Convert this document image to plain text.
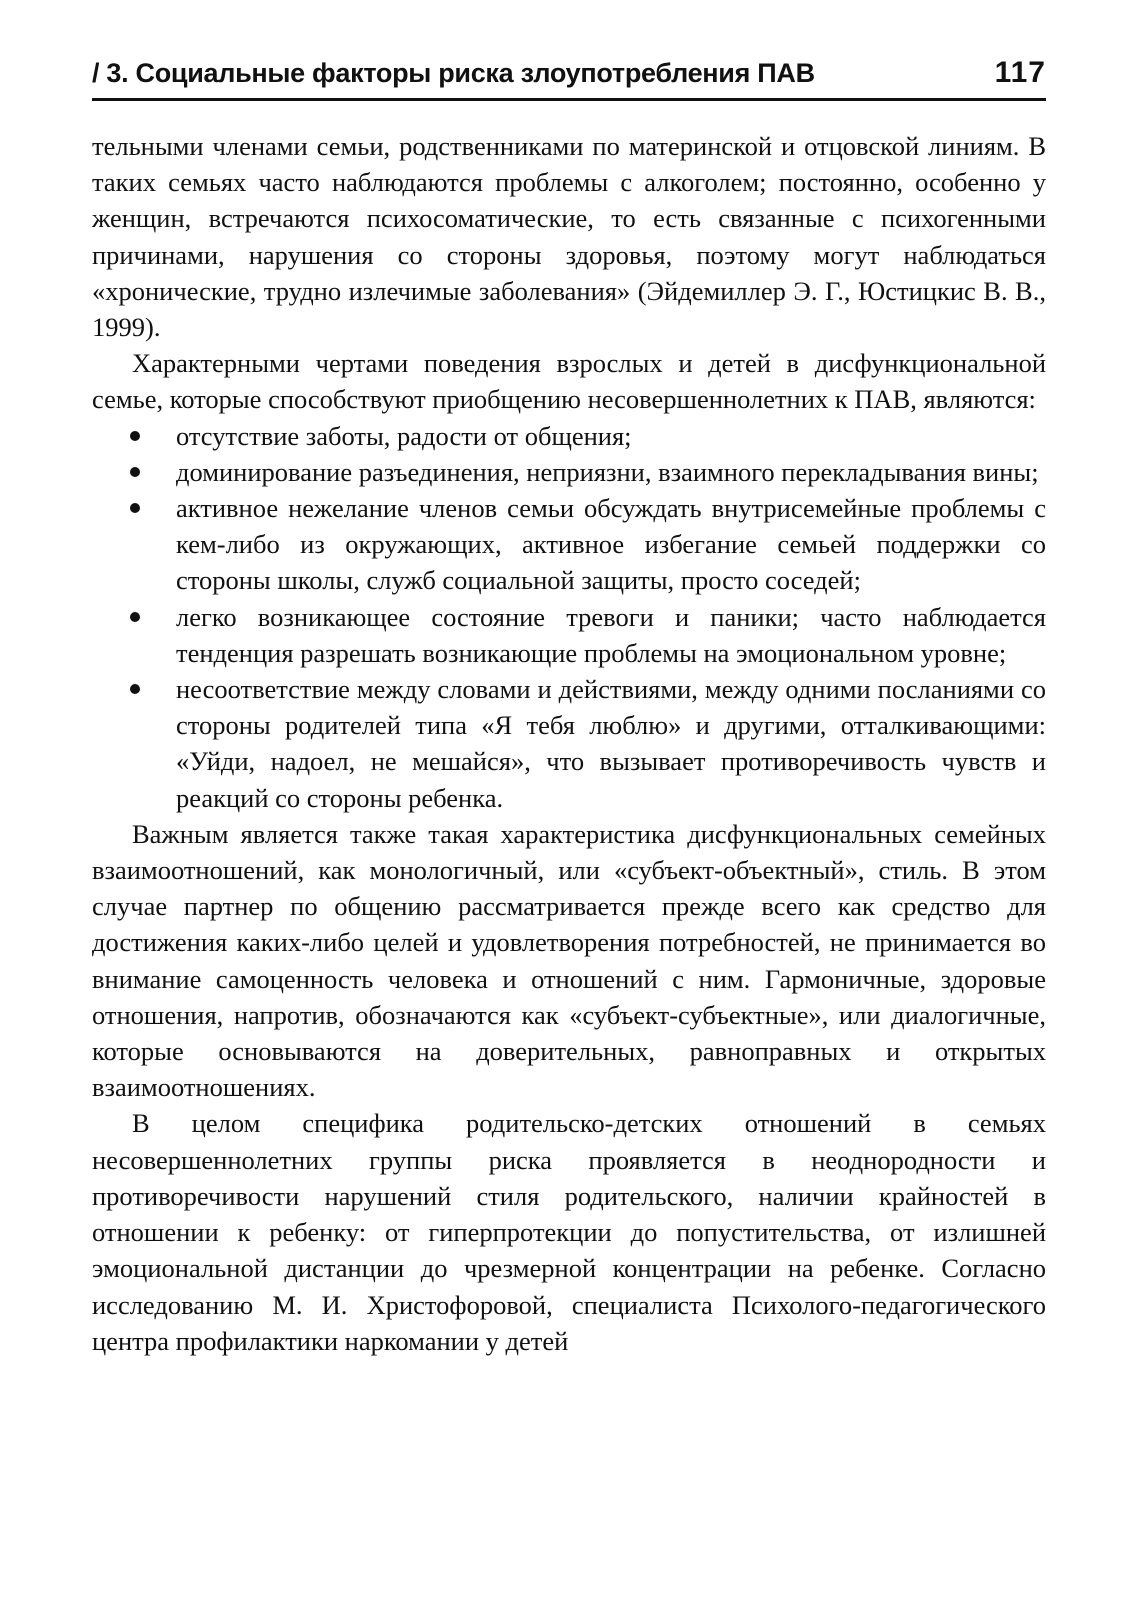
/ 3. Социальные факторы риска злоупотребления ПАВ	117

тельными членами семьи, родственниками по материнской и отцовской линиям. В таких семьях часто наблюдаются проблемы с алкоголем; постоянно, особенно у женщин, встречаются психосоматические, то есть связанные с психогенными причинами, нарушения со стороны здоровья, поэтому могут наблюдаться «хронические, трудно излечимые заболевания» (Эйдемиллер Э. Г., Юстицкис В. В., 1999).

Характерными чертами поведения взрослых и детей в дисфункциональной семье, которые способствуют приобщению несовершеннолетних к ПАВ, являются:

отсутствие заботы, радости от общения;
доминирование разъединения, неприязни, взаимного перекладывания вины;
активное нежелание членов семьи обсуждать внутрисемейные проблемы с кем-либо из окружающих, активное избегание семьей поддержки со стороны школы, служб социальной защиты, просто соседей;
легко возникающее состояние тревоги и паники; часто наблюдается тенденция разрешать возникающие проблемы на эмоциональном уровне;
несоответствие между словами и действиями, между одними посланиями со стороны родителей типа «Я тебя люблю» и другими, отталкивающими: «Уйди, надоел, не мешайся», что вызывает противоречивость чувств и реакций со стороны ребенка.

Важным является также такая характеристика дисфункциональных семейных взаимоотношений, как монологичный, или «субъект-объектный», стиль. В этом случае партнер по общению рассматривается прежде всего как средство для достижения каких-либо целей и удовлетворения потребностей, не принимается во внимание самоценность человека и отношений с ним. Гармоничные, здоровые отношения, напротив, обозначаются как «субъект-субъектные», или диалогичные, которые основываются на доверительных, равноправных и открытых взаимоотношениях.

В целом специфика родительско-детских отношений в семьях несовершеннолетних группы риска проявляется в неоднородности и противоречивости нарушений стиля родительского, наличии крайностей в отношении к ребенку: от гиперпротекции до попустительства, от излишней эмоциональной дистанции до чрезмерной концентрации на ребенке. Согласно исследованию М. И. Христофоровой, специалиста Психолого-педагогического центра профилактики наркомании у детей
